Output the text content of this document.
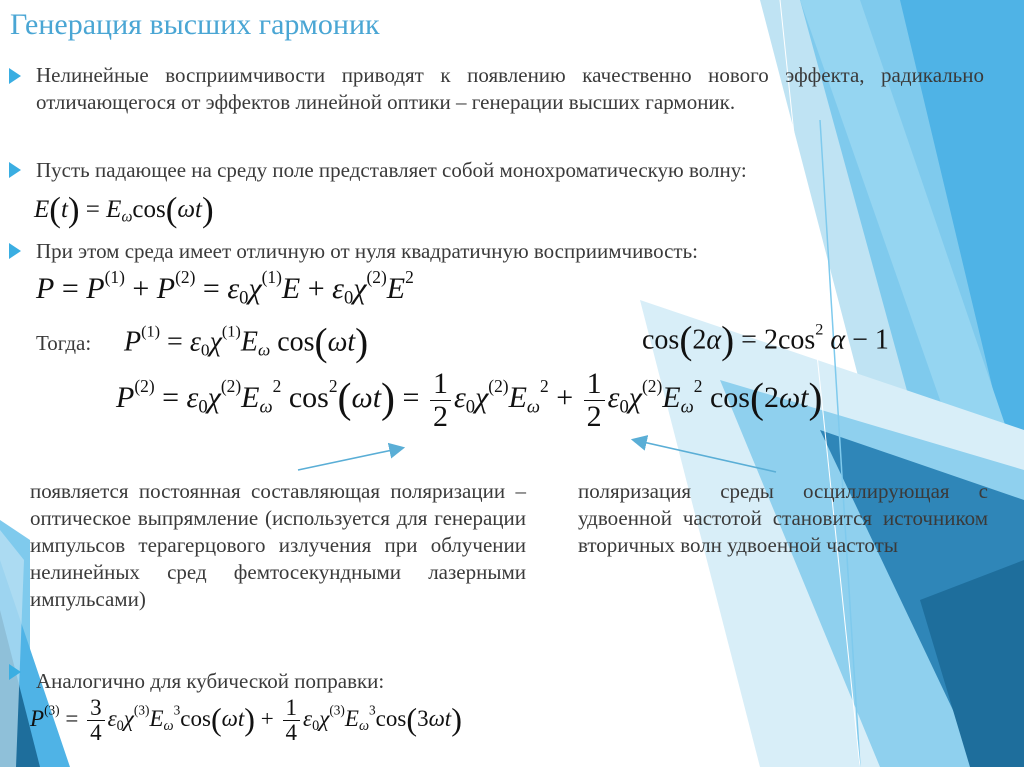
Генерация высших гармоник
Нелинейные восприимчивости приводят к появлению качественно нового эффекта, радикально отличающегося от эффектов линейной оптики – генерации высших гармоник.
Пусть падающее на среду поле представляет собой монохроматическую волну:
$E(t) = E_\omega\cos(\omega t)$
При этом среда имеет отличную от нуля квадратичную восприимчивость:
$P = P^{(1)} + P^{(2)} = \varepsilon_0\chi^{(1)}E + \varepsilon_0\chi^{(2)}E^2$
Тогда: $P^{(1)} = \varepsilon_0\chi^{(1)}E_\omega$ cos(ωt)	$\cos(2\alpha) = 2\cos^2$ α − 1
$P^{(2)} = \varepsilon_0\chi^{(2)}E_\omega^2$ $\cos^2(\omega t) = \frac{1}{2} \varepsilon_0\chi^{(2)}E_\omega^2 + \frac{1}{2} \varepsilon_0\chi^{(2)}E_\omega^2$ cos(2ωt)
появляется постоянная составляющая поляризации – оптическое выпрямление (используется для генерации импульсов терагерцового излучения при облучении нелинейных сред фемтосекундными лазерными импульсами)
поляризация среды осциллирующая с удвоенной частотой становится источником вторичных волн удвоенной частоты
Аналогично для кубической поправки:
$P^{(3)} = \frac{3}{4} \varepsilon_0\chi^{(3)}E_\omega^3\cos(\omega t) + \frac{1}{4} \varepsilon_0\chi^{(3)}E_\omega^3\cos(3\omega t)$
